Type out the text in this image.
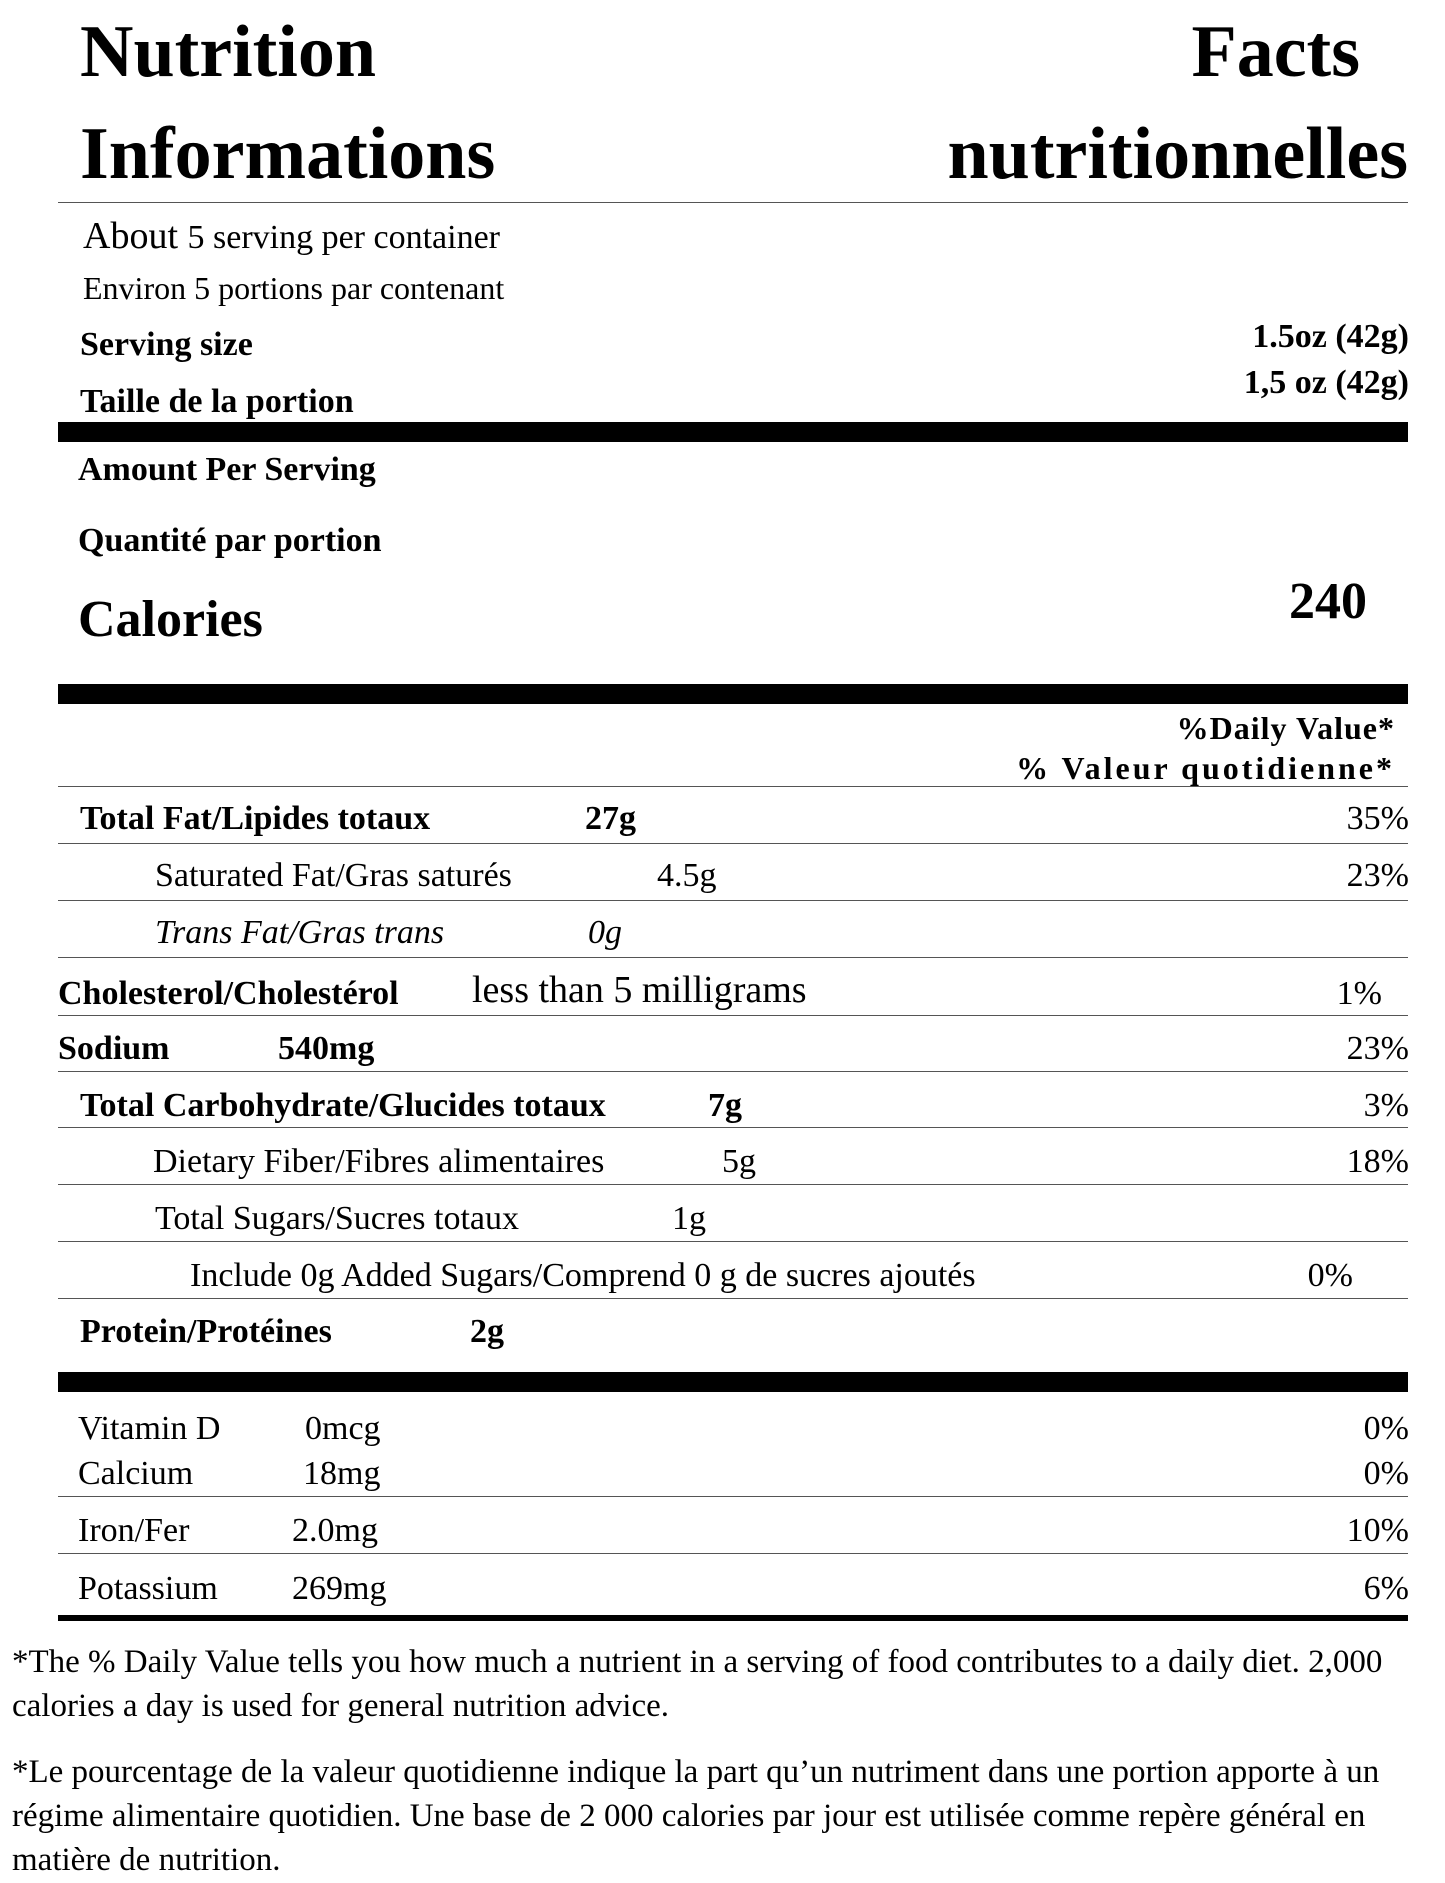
Nutrition
Informations
Facts
nutritionnelles
About 5 serving per container
Environ 5 portions par contenant
Serving size
Taille de la portion
1.5oz (42g)
1,5 oz (42g)
Amount Per Serving
Quantité par portion
Calories	240
%Daily Value*
% Valeur quotidienne*
Total Fat/Lipides totaux	27g	35%
Saturated Fat/Gras saturés	4.5g	23%
Trans Fat/Gras trans	0g
Cholesterol/Cholestérol less than 5 milligrams	1%
Sodium	540mg	23%
Total Carbohydrate/Glucides totaux	7g	3%
Dietary Fiber/Fibres alimentaires	5g	18%
Total Sugars/Sucres totaux	1g
Include 0g Added Sugars/Comprend 0 g de sucres ajoutés	0%
Protein/Protéines	2g
Vitamin D 0mcg	0%
Calcium	18mg	0%
Iron/Fer	2.0mg	10%
Potassium 269mg	6%
*The % Daily Value tells you how much a nutrient in a serving of food contributes to a daily diet. 2,000 calories a day is used for general nutrition advice.
*Le pourcentage de la valeur quotidienne indique la part qu’un nutriment dans une portion apporte à un régime alimentaire quotidien. Une base de 2 000 calories par jour est utilisée comme repère général en matière de nutrition.
